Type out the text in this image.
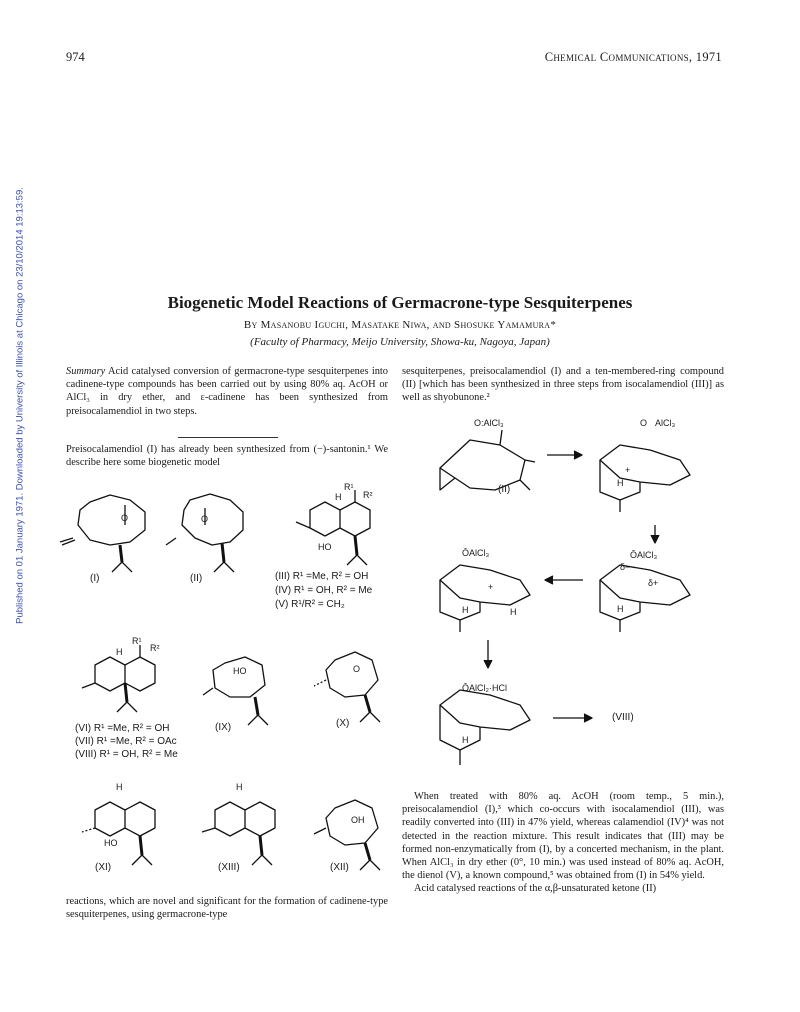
974	Chemical Communications, 1971
Published on 01 January 1971. Downloaded by University of Illinois at Chicago on 23/10/2014 19:13:59.	Biogenetic Model Reactions of Germacrone-type Sesquiterpenes
By Masanobu Iguchi, Masatake Niwa, and Shosuke Yamamura*
(Faculty of Pharmacy, Meijo University, Showa-ku, Nagoya, Japan)
Summary Acid catalysed conversion of germacrone-type sesquiterpenes into cadinene-type compounds has been carried out by using 80% aq. AcOH or AlCl₃ in dry ether, and ε-cadinene has been synthesized from preisocalamendiol in two steps.
Preisocalamendiol (I) has already been synthesized from (−)-santonin.¹ We describe here some biogenetic model
sesquiterpenes, preisocalamendiol (I) and a ten-membered-ring compound (II) [which has been synthesized in three steps from isocalamendiol (III)] as well as shyobunone.²
reactions, which are novel and significant for the formation of cadinene-type sesquiterpenes, using germacrone-type
When treated with 80% aq. AcOH (room temp., 5 min.), preisocalamendiol (I),³ which co-occurs with isocalamendiol (III), was readily converted into (III) in 47% yield, whereas calamendiol (IV)⁴ was not detected in the reaction mixture. This result indicates that (III) may be formed non-enzymatically from (I), by a concerted mechanism, in the plant. When AlCl₃ in dry ether (0°, 10 min.) was used instead of 80% aq. AcOH, the dienol (V), a known compound,⁵ was obtained from (I) in 54% yield.
Acid catalysed reactions of the α,β-unsaturated ketone (II)
(I)	(II)	(III) R¹ =Me, R² = OH
(IV) R¹ = OH, R² = Me
(V) R¹/R² = CH₂
(VI) R¹ =Me, R² = OH
(VII) R¹ =Me, R² = OAc
(VIII) R¹ = OH, R² = Me
(IX)	(X)
(XI)	(XIII)	(XII)
(II)
(VIII)
O	O
H
R¹
R²
HO
H
R¹
R²
HO	O
H
HO
H
OH
O:AlCl₃	O AlCl₃
+
H
ŌAlCl₃
δ−
δ+
H
ŌAlCl₃
+
H	H
ŌAlCl₂·HCl
H
